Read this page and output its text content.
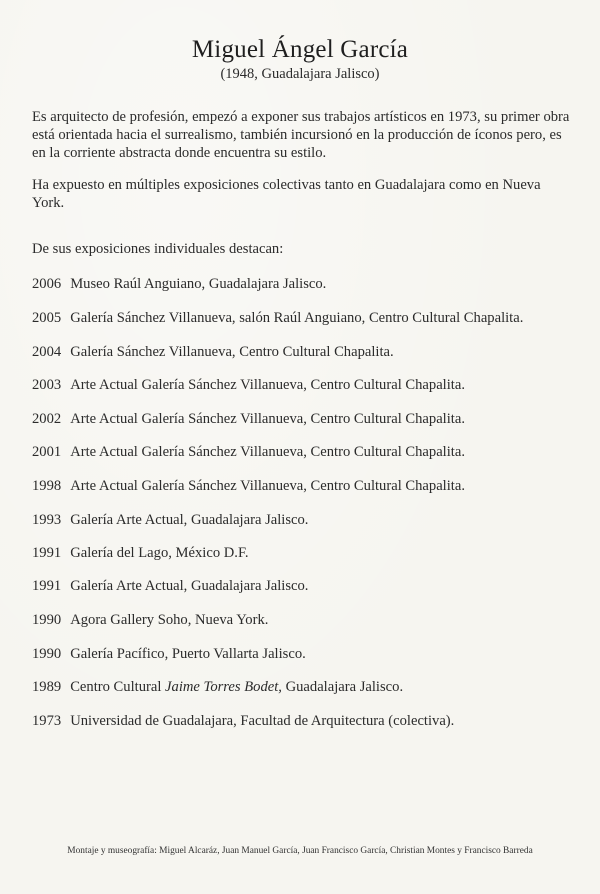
Miguel Ángel García
(1948, Guadalajara Jalisco)
Es arquitecto de profesión, empezó a exponer sus trabajos artísticos en 1973, su primer obra está orientada hacia el surrealismo, también incursionó en la producción de íconos pero, es en la corriente abstracta donde encuentra su estilo.
Ha expuesto en múltiples exposiciones colectivas tanto en Guadalajara como en Nueva York.
De sus exposiciones individuales destacan:
2006 Museo Raúl Anguiano, Guadalajara Jalisco.
2005 Galería Sánchez Villanueva, salón Raúl Anguiano, Centro Cultural Chapalita.
2004 Galería Sánchez Villanueva, Centro Cultural Chapalita.
2003 Arte Actual Galería Sánchez Villanueva, Centro Cultural Chapalita.
2002 Arte Actual Galería Sánchez Villanueva, Centro Cultural Chapalita.
2001 Arte Actual Galería Sánchez Villanueva, Centro Cultural Chapalita.
1998 Arte Actual Galería Sánchez Villanueva, Centro Cultural Chapalita.
1993 Galería Arte Actual, Guadalajara Jalisco.
1991 Galería del Lago, México D.F.
1991 Galería Arte Actual, Guadalajara Jalisco.
1990 Agora Gallery Soho, Nueva York.
1990 Galería Pacífico, Puerto Vallarta Jalisco.
1989 Centro Cultural Jaime Torres Bodet, Guadalajara Jalisco.
1973 Universidad de Guadalajara, Facultad de Arquitectura (colectiva).
Montaje y museografía: Miguel Alcaráz, Juan Manuel García, Juan Francisco García, Christian Montes y Francisco Barreda
